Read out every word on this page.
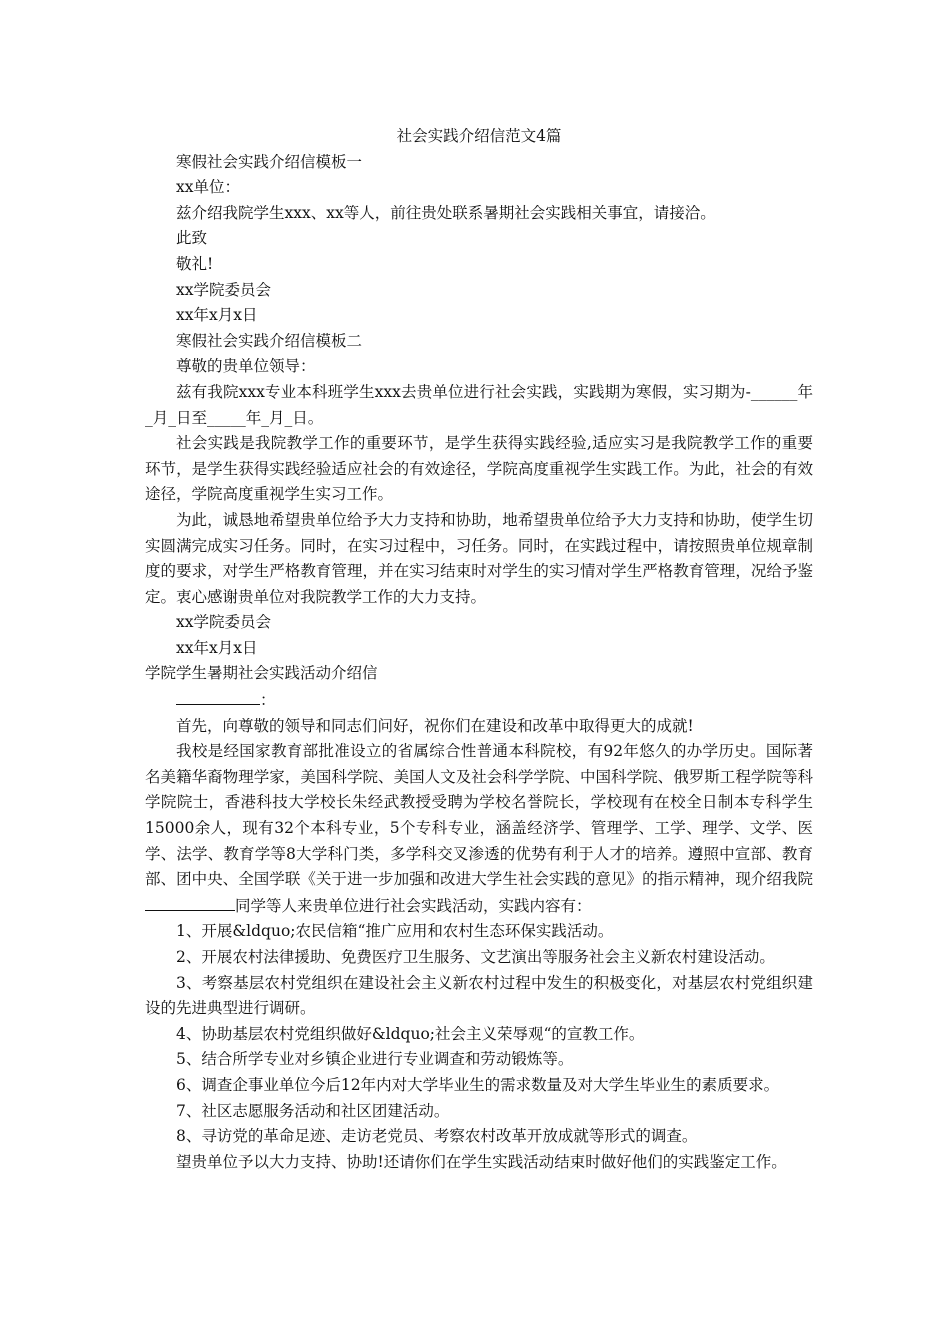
社会实践介绍信范文4篇

寒假社会实践介绍信模板一

xx单位：

兹介绍我院学生xxx、xx等人，前往贵处联系暑期社会实践相关事宜，请接洽。

此致

敬礼!

xx学院委员会

xx年x月x日

寒假社会实践介绍信模板二

尊敬的贵单位领导：

兹有我院xxx专业本科班学生xxx去贵单位进行社会实践，实践期为寒假，实习期为-______年_月_日至_____年_月_日。

社会实践是我院教学工作的重要环节，是学生获得实践经验,适应实习是我院教学工作的重要环节，是学生获得实践经验适应社会的有效途径，学院高度重视学生实践工作。为此，社会的有效途径，学院高度重视学生实习工作。

为此，诚恳地希望贵单位给予大力支持和协助，地希望贵单位给予大力支持和协助，使学生切实圆满完成实习任务。同时，在实习过程中，习任务。同时，在实践过程中，请按照贵单位规章制度的要求，对学生严格教育管理，并在实习结束时对学生的实习情对学生严格教育管理，况给予鉴定。衷心感谢贵单位对我院教学工作的大力支持。

xx学院委员会

xx年x月x日

学院学生暑期社会实践活动介绍信

：

首先，向尊敬的领导和同志们问好，祝你们在建设和改革中取得更大的成就!

我校是经国家教育部批准设立的省属综合性普通本科院校，有92年悠久的办学历史。国际著名美籍华裔物理学家，美国科学院、美国人文及社会科学学院、中国科学院、俄罗斯工程学院等科学院院士，香港科技大学校长朱经武教授受聘为学校名誉院长，学校现有在校全日制本专科学生15000余人，现有32个本科专业，5个专科专业，涵盖经济学、管理学、工学、理学、文学、医学、法学、教育学等8大学科门类，多学科交叉渗透的优势有利于人才的培养。遵照中宣部、教育部、团中央、全国学联《关于进一步加强和改进大学生社会实践的意见》的指示精神，现介绍我院同学等人来贵单位进行社会实践活动，实践内容有：

1、开展&ldquo;农民信箱“推广应用和农村生态环保实践活动。

2、开展农村法律援助、免费医疗卫生服务、文艺演出等服务社会主义新农村建设活动。

3、考察基层农村党组织在建设社会主义新农村过程中发生的积极变化，对基层农村党组织建设的先进典型进行调研。

4、协助基层农村党组织做好&ldquo;社会主义荣辱观“的宣教工作。

5、结合所学专业对乡镇企业进行专业调查和劳动锻炼等。

6、调查企事业单位今后12年内对大学毕业生的需求数量及对大学生毕业生的素质要求。

7、社区志愿服务活动和社区团建活动。

8、寻访党的革命足迹、走访老党员、考察农村改革开放成就等形式的调查。

望贵单位予以大力支持、协助!还请你们在学生实践活动结束时做好他们的实践鉴定工作。
